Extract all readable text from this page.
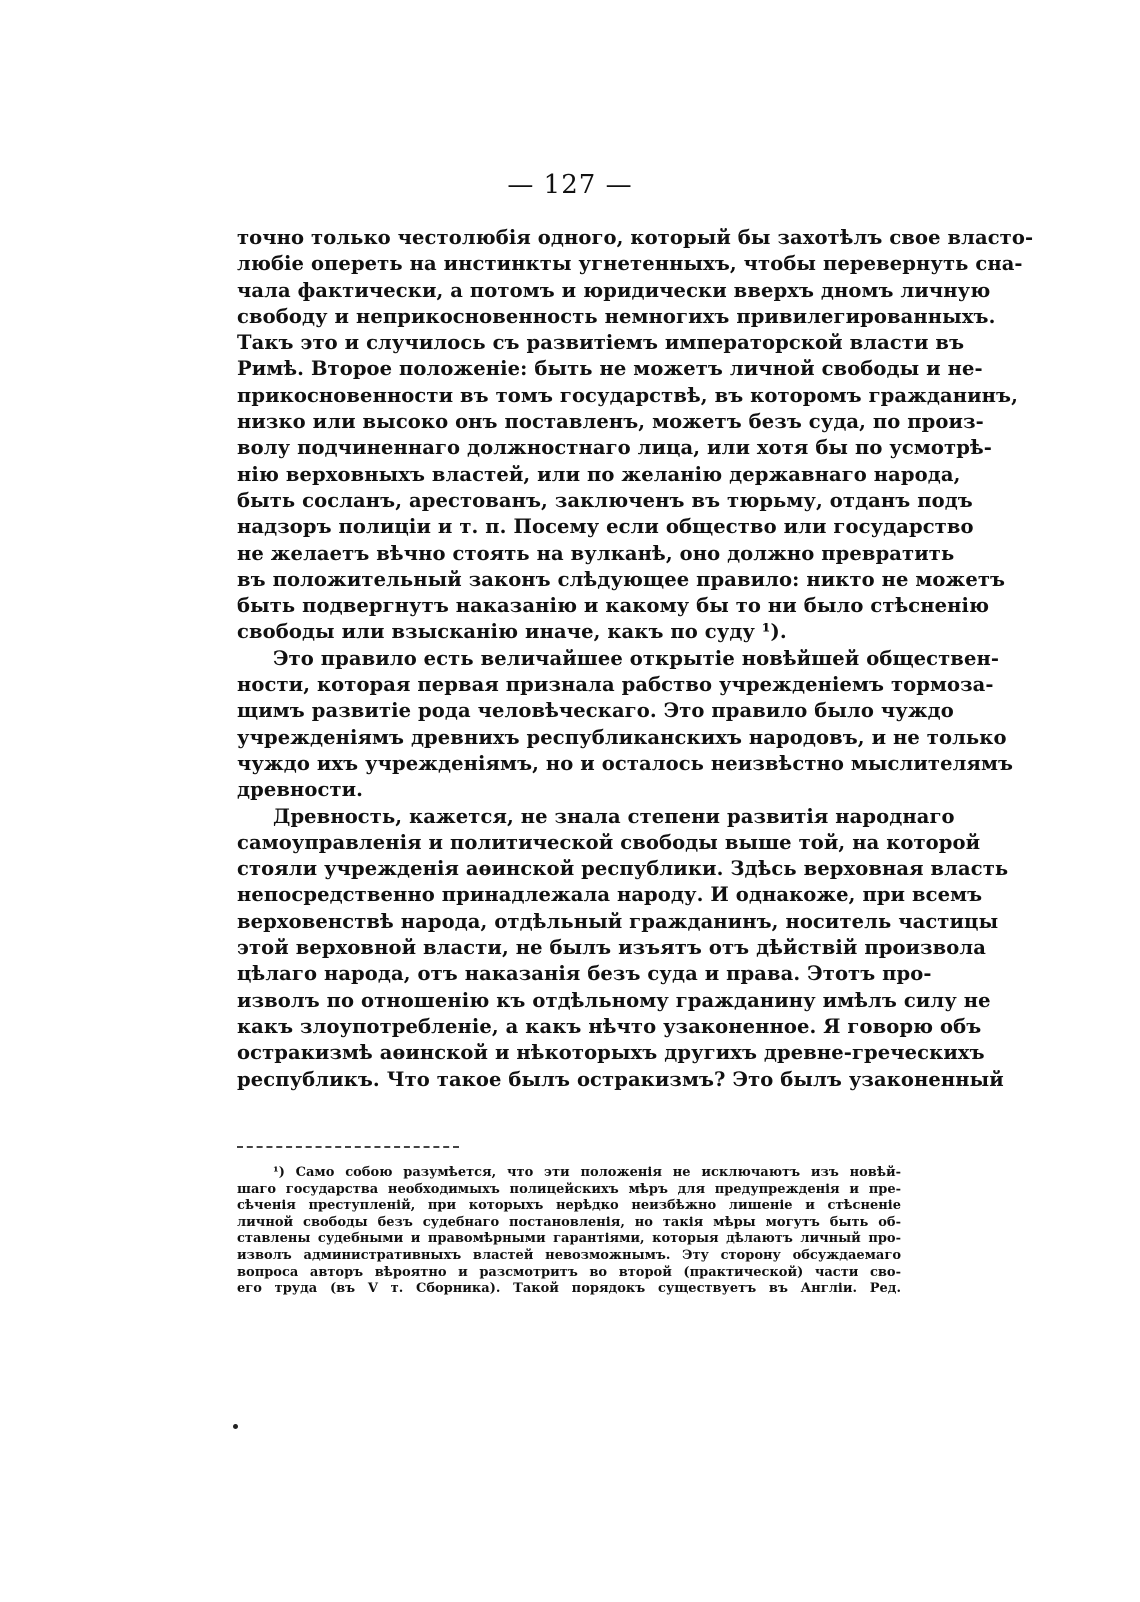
— 127 —
точно только честолюбія одного, который бы захотѣлъ свое власто-
любіе опереть на инстинкты угнетенныхъ, чтобы перевернуть сна-
чала фактически, а потомъ и юридически вверхъ дномъ личную
свободу и неприкосновенность немногихъ привилегированныхъ.
Такъ это и случилось съ развитіемъ императорской власти въ
Римѣ. Второе положеніе: быть не можетъ личной свободы и не-
прикосновенности въ томъ государствѣ, въ которомъ гражданинъ,
низко или высоко онъ поставленъ, можетъ безъ суда, по произ-
волу подчиненнаго должностнаго лица, или хотя бы по усмотрѣ-
нію верховныхъ властей, или по желанію державнаго народа,
быть сосланъ, арестованъ, заключенъ въ тюрьму, отданъ подъ
надзоръ полиціи и т. п. Посему если общество или государство
не желаетъ вѣчно стоять на вулканѣ, оно должно превратить
въ положительный законъ слѣдующее правило: никто не можетъ
быть подвергнутъ наказанію и какому бы то ни было стѣсненію
свободы или взысканію иначе, какъ по суду ¹).
Это правило есть величайшее открытіе новѣйшей обществен-
ности, которая первая признала рабство учрежденіемъ тормоза-
щимъ развитіе рода человѣческаго. Это правило было чуждо
учрежденіямъ древнихъ республиканскихъ народовъ, и не только
чуждо ихъ учрежденіямъ, но и осталось неизвѣстно мыслителямъ
древности.
Древность, кажется, не знала степени развитія народнаго
самоуправленія и политической свободы выше той, на которой
стояли учрежденія аѳинской республики. Здѣсь верховная власть
непосредственно принадлежала народу. И однакоже, при всемъ
верховенствѣ народа, отдѣльный гражданинъ, носитель частицы
этой верховной власти, не былъ изъятъ отъ дѣйствій произвола
цѣлаго народа, отъ наказанія безъ суда и права. Этотъ про-
изволъ по отношенію къ отдѣльному гражданину имѣлъ силу не
какъ злоупотребленіе, а какъ нѣчто узаконенное. Я говорю объ
остракизмѣ аѳинской и нѣкоторыхъ другихъ древне-греческихъ
республикъ. Что такое былъ остракизмъ? Это былъ узаконенный
¹) Само собою разумѣется, что эти положенія не исключаютъ изъ новѣй-
шаго государства необходимыхъ полицейскихъ мѣръ для предупрежденія и пре-
сѣченія преступленій, при которыхъ нерѣдко неизбѣжно лишеніе и стѣсненіе
личной свободы безъ судебнаго постановленія, но такія мѣры могутъ быть об-
ставлены судебными и правомѣрными гарантіями, которыя дѣлаютъ личный про-
изволъ административныхъ властей невозможнымъ. Эту сторону обсуждаемаго
вопроса авторъ вѣроятно и разсмотритъ во второй (практической) части сво-
его труда (въ V т. Сборника). Такой порядокъ существуетъ въ Англіи. Ред.
